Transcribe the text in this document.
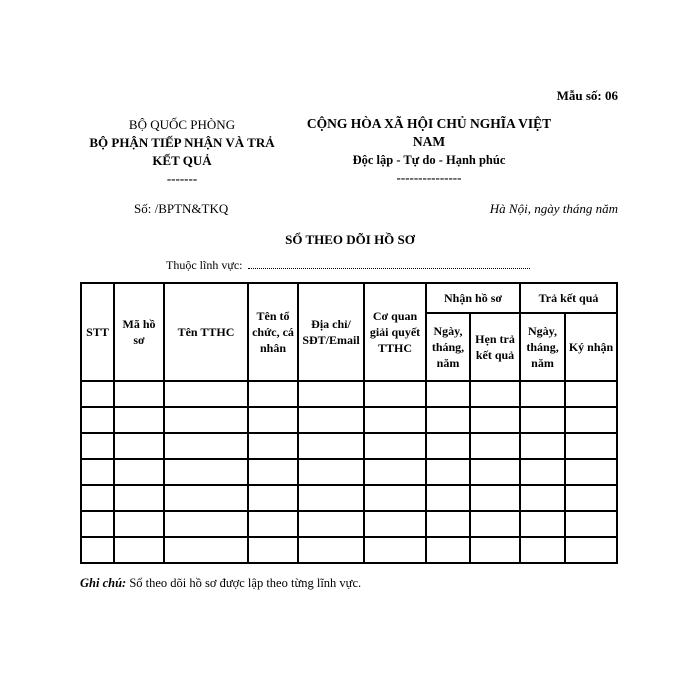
Mẫu số: 06
BỘ QUỐC PHÒNG
BỘ PHẬN TIẾP NHẬN VÀ TRẢ KẾT QUẢ
-------
CỘNG HÒA XÃ HỘI CHỦ NGHĨA VIỆT NAM
Độc lập - Tự do - Hạnh phúc
---------------
Số: /BPTN&TKQ	Hà Nội, ngày tháng năm
SỔ THEO DÕI HỒ SƠ
Thuộc lĩnh vực:
STT	Mã hồ sơ	Tên TTHC	Tên tổ chức, cá nhân	Địa chỉ/ SĐT/Email	Cơ quan giải quyết TTHC	Nhận hồ sơ		Trả kết quả	
						Ngày, tháng, năm	Hẹn trả kết quả	Ngày, tháng, năm	Ký nhận

Ghi chú: Sổ theo dõi hồ sơ được lập theo từng lĩnh vực.
